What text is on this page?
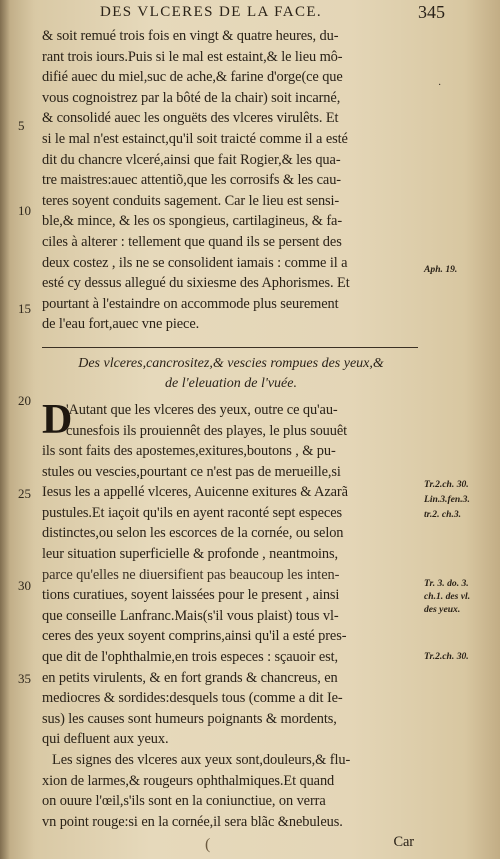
DES VLCERES DE LA FACE.	345
5
10
15
20
25
30
35
·
Aph. 19.
Tr.2.ch. 30.
Lin.3.fen.3.
tr.2. ch.3.
Tr. 3. do. 3.
ch.1. des vl.
des yeux.
Tr.2.ch. 30.
& soit remué trois fois en vingt & quatre heures, du-
rant trois iours.Puis si le mal est estaint,& le lieu mô-
difié auec du miel,suc de ache,& farine d'orge(ce que
vous cognoistrez par la bôté de la chair) soit incarné,
& consolidé auec les onguëts des vlceres virulêts. Et
si le mal n'est estainct,qu'il soit traicté comme il a esté
dit du chancre vlceré,ainsi que fait Rogier,& les qua-
tre maistres:auec attentiõ,que les corrosifs & les cau-
teres soyent conduits sagement. Car le lieu est sensi-
ble,& mince, & les os spongieus, cartilagineus, & fa-
ciles à alterer : tellement que quand ils se persent des
deux costez , ils ne se consolident iamais : comme il a
esté cy dessus allegué du sixiesme des Aphorismes. Et
pourtant à l'estaindre on accommode plus seurement
de l'eau fort,auec vne piece.
Des vlceres,cancrositez,& vescies rompues des yeux,&
de l'eleuation de l'vuée.
D
'Autant que les vlceres des yeux, outre ce qu'au-
cunesfois ils prouiennêt des playes, le plus souuêt
ils sont faits des apostemes,exitures,boutons , & pu-
stules ou vescies,pourtant ce n'est pas de merueille,si
Iesus les a appellé vlceres, Auicenne exitures & Azarã
pustules.Et iaçoit qu'ils en ayent raconté sept especes
distinctes,ou selon les escorces de la cornée, ou selon
leur situation superficielle & profonde , neantmoins,
parce qu'elles ne diuersifient pas beaucoup les inten-
tions curatiues, soyent laissées pour le present , ainsi
que conseille Lanfranc.Mais(s'il vous plaist) tous vl-
ceres des yeux soyent comprins,ainsi qu'il a esté pres-
que dit de l'ophthalmie,en trois especes : sçauoir est,
en petits virulents, & en fort grands & chancreus, en
mediocres & sordides:desquels tous (comme a dit Ie-
sus) les causes sont humeurs poignants & mordents,
qui defluent aux yeux.
Les signes des vlceres aux yeux sont,douleurs,& flu-
xion de larmes,& rougeurs ophthalmiques.Et quand
on ouure l'œil,s'ils sont en la coniunctiue, on verra
vn point rouge:si en la cornée,il sera blãc &nebuleus.
Car
(
